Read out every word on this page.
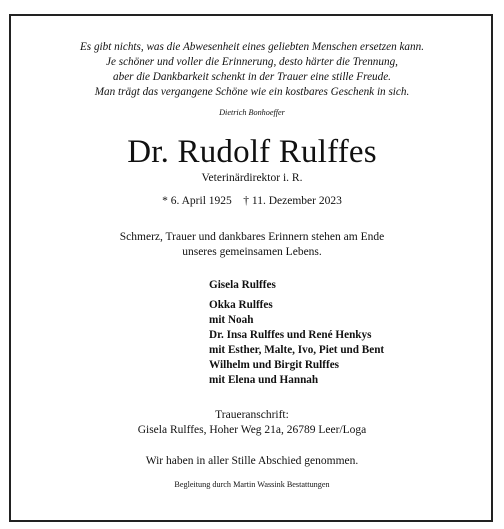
Es gibt nichts, was die Abwesenheit eines geliebten Menschen ersetzen kann.
Je schöner und voller die Erinnerung, desto härter die Trennung,
aber die Dankbarkeit schenkt in der Trauer eine stille Freude.
Man trägt das vergangene Schöne wie ein kostbares Geschenk in sich.
Dietrich Bonhoeffer
Dr. Rudolf Rulffes
Veterinärdirektor i. R.
* 6. April 1925    † 11. Dezember 2023
Schmerz, Trauer und dankbares Erinnern stehen am Ende
unseres gemeinsamen Lebens.
Gisela Rulffes
Okka Rulffes
mit Noah
Dr. Insa Rulffes und René Henkys
mit Esther, Malte, Ivo, Piet und Bent
Wilhelm und Birgit Rulffes
mit Elena und Hannah
Traueranschrift:
Gisela Rulffes, Hoher Weg 21a, 26789 Leer/Loga
Wir haben in aller Stille Abschied genommen.
Begleitung durch Martin Wassink Bestattungen
